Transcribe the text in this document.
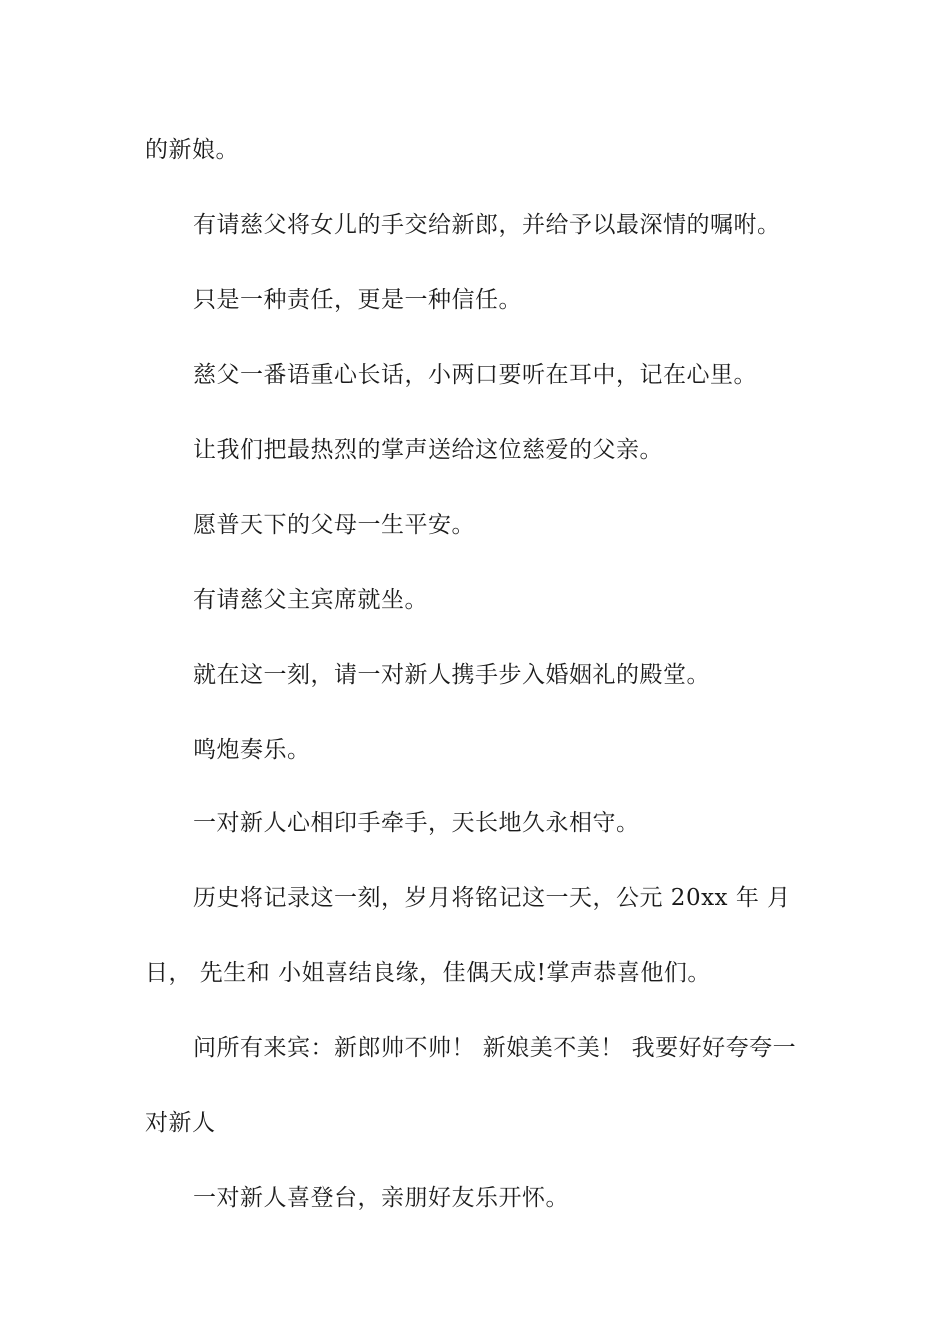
的新娘。

有请慈父将女儿的手交给新郎，并给予以最深情的嘱咐。

只是一种责任，更是一种信任。

慈父一番语重心长话，小两口要听在耳中，记在心里。

让我们把最热烈的掌声送给这位慈爱的父亲。

愿普天下的父母一生平安。

有请慈父主宾席就坐。

就在这一刻，请一对新人携手步入婚姻礼的殿堂。

鸣炮奏乐。

一对新人心相印手牵手，天长地久永相守。

历史将记录这一刻，岁月将铭记这一天，公元 20xx 年 月

日， 先生和 小姐喜结良缘，佳偶天成!掌声恭喜他们。

问所有来宾：新郎帅不帅！ 新娘美不美！ 我要好好夸夸一

对新人

一对新人喜登台，亲朋好友乐开怀。
